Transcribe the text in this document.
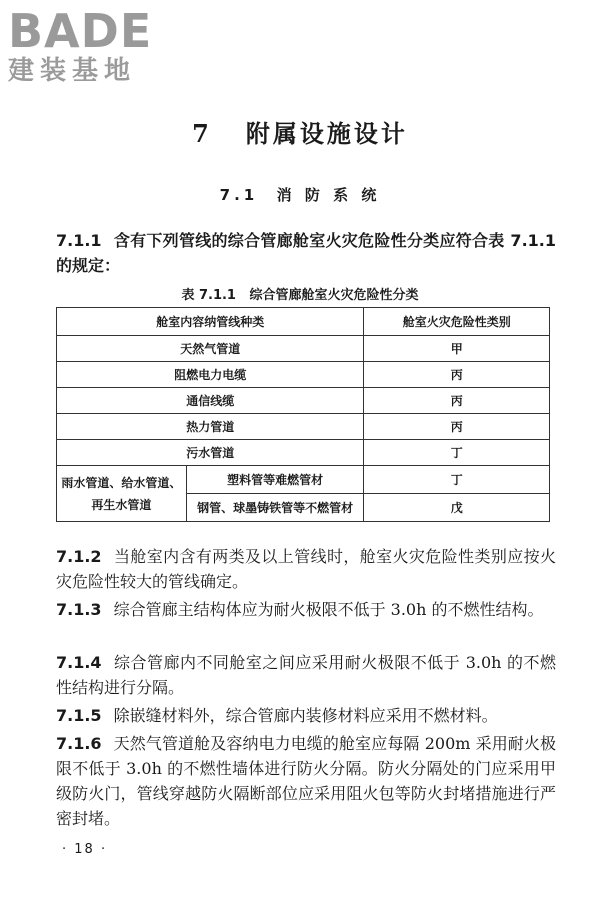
BADE
建装基地
7   附属设施设计
7.1  消 防 系 统
7.1.1 含有下列管线的综合管廊舱室火灾危险性分类应符合表 7.1.1 的规定：
表 7.1.1   综合管廊舱室火灾危险性分类
舱室内容纳管线种类		舱室火灾危险性类别
天然气管道		甲
阻燃电力电缆		丙
通信线缆		丙
热力管道		丙
污水管道		丁
雨水管道、给水管道、再生水管道	塑料管等难燃管材	丁
	钢管、球墨铸铁管等不燃管材	戊
7.1.2 当舱室内含有两类及以上管线时，舱室火灾危险性类别应按火灾危险性较大的管线确定。
7.1.3 综合管廊主结构体应为耐火极限不低于 3.0h 的不燃性结构。
7.1.4 综合管廊内不同舱室之间应采用耐火极限不低于 3.0h 的不燃性结构进行分隔。
7.1.5 除嵌缝材料外，综合管廊内装修材料应采用不燃材料。
7.1.6 天然气管道舱及容纳电力电缆的舱室应每隔 200m 采用耐火极限不低于 3.0h 的不燃性墙体进行防火分隔。防火分隔处的门应采用甲级防火门，管线穿越防火隔断部位应采用阻火包等防火封堵措施进行严密封堵。
· 18 ·
